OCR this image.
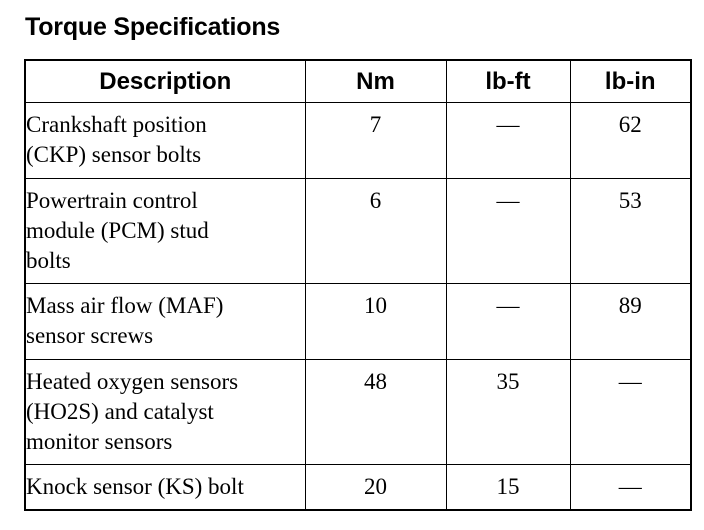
Torque Specifications
Description	Nm	lb-ft	lb-in
Crankshaft position
(CKP) sensor bolts	7	—	62
Powertrain control
module (PCM) stud
bolts	6	—	53
Mass air flow (MAF)
sensor screws	10	—	89
Heated oxygen sensors
(HO2S) and catalyst
monitor sensors	48	35	—
Knock sensor (KS) bolt	20	15	—
